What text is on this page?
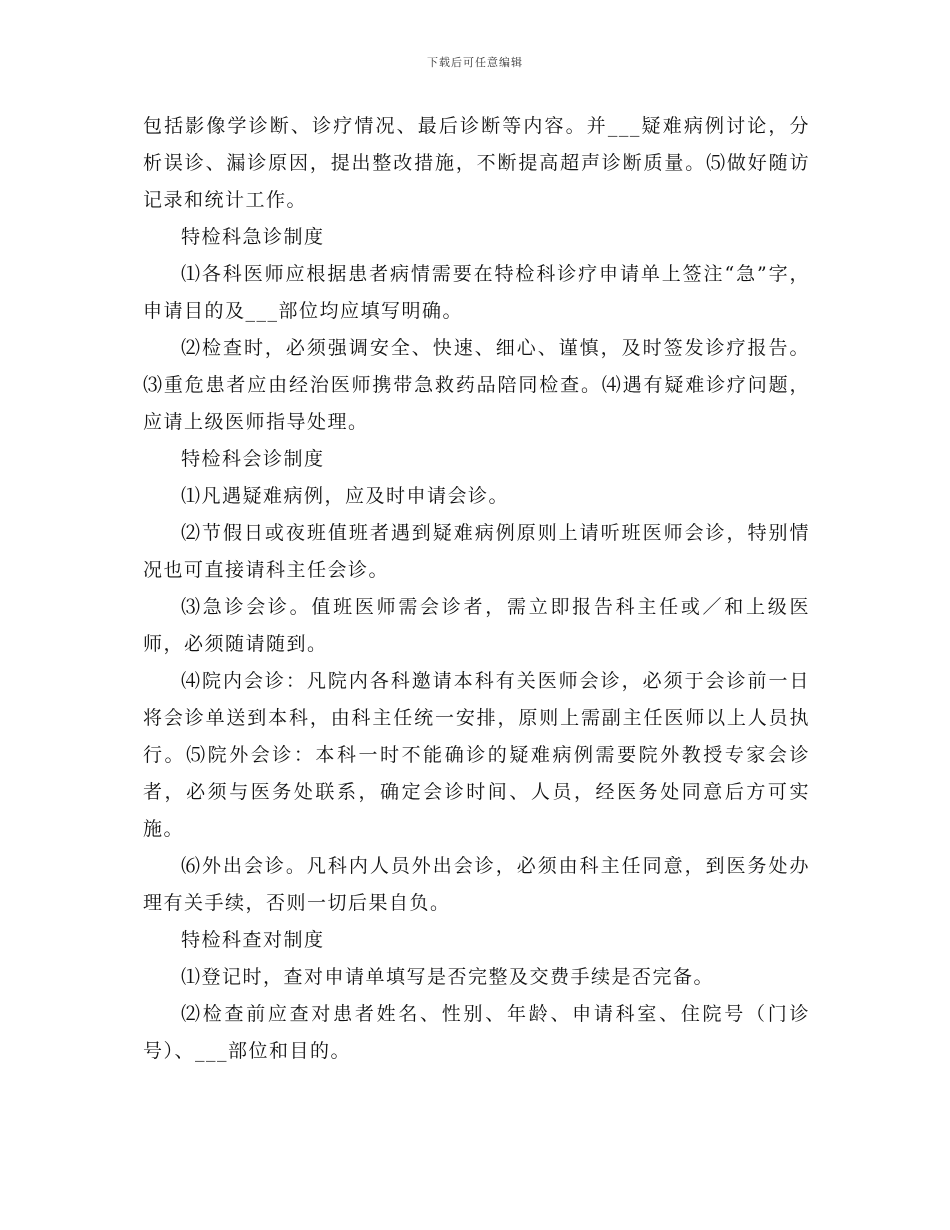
下载后可任意编辑

包括影像学诊断、诊疗情况、最后诊断等内容。并___疑难病例讨论，分析误诊、漏诊原因，提出整改措施，不断提高超声诊断质量。⑸做好随访记录和统计工作。

特检科急诊制度

⑴各科医师应根据患者病情需要在特检科诊疗申请单上签注“急”字，申请目的及___部位均应填写明确。

⑵检查时，必须强调安全、快速、细心、谨慎，及时签发诊疗报告。⑶重危患者应由经治医师携带急救药品陪同检查。⑷遇有疑难诊疗问题，应请上级医师指导处理。

特检科会诊制度

⑴凡遇疑难病例，应及时申请会诊。

⑵节假日或夜班值班者遇到疑难病例原则上请听班医师会诊，特别情况也可直接请科主任会诊。

⑶急诊会诊。值班医师需会诊者，需立即报告科主任或／和上级医师，必须随请随到。

⑷院内会诊：凡院内各科邀请本科有关医师会诊，必须于会诊前一日将会诊单送到本科，由科主任统一安排，原则上需副主任医师以上人员执行。⑸院外会诊：本科一时不能确诊的疑难病例需要院外教授专家会诊者，必须与医务处联系，确定会诊时间、人员，经医务处同意后方可实施。

⑹外出会诊。凡科内人员外出会诊，必须由科主任同意，到医务处办理有关手续，否则一切后果自负。

特检科查对制度

⑴登记时，查对申请单填写是否完整及交费手续是否完备。

⑵检查前应查对患者姓名、性别、年龄、申请科室、住院号（门诊号）、___部位和目的。
